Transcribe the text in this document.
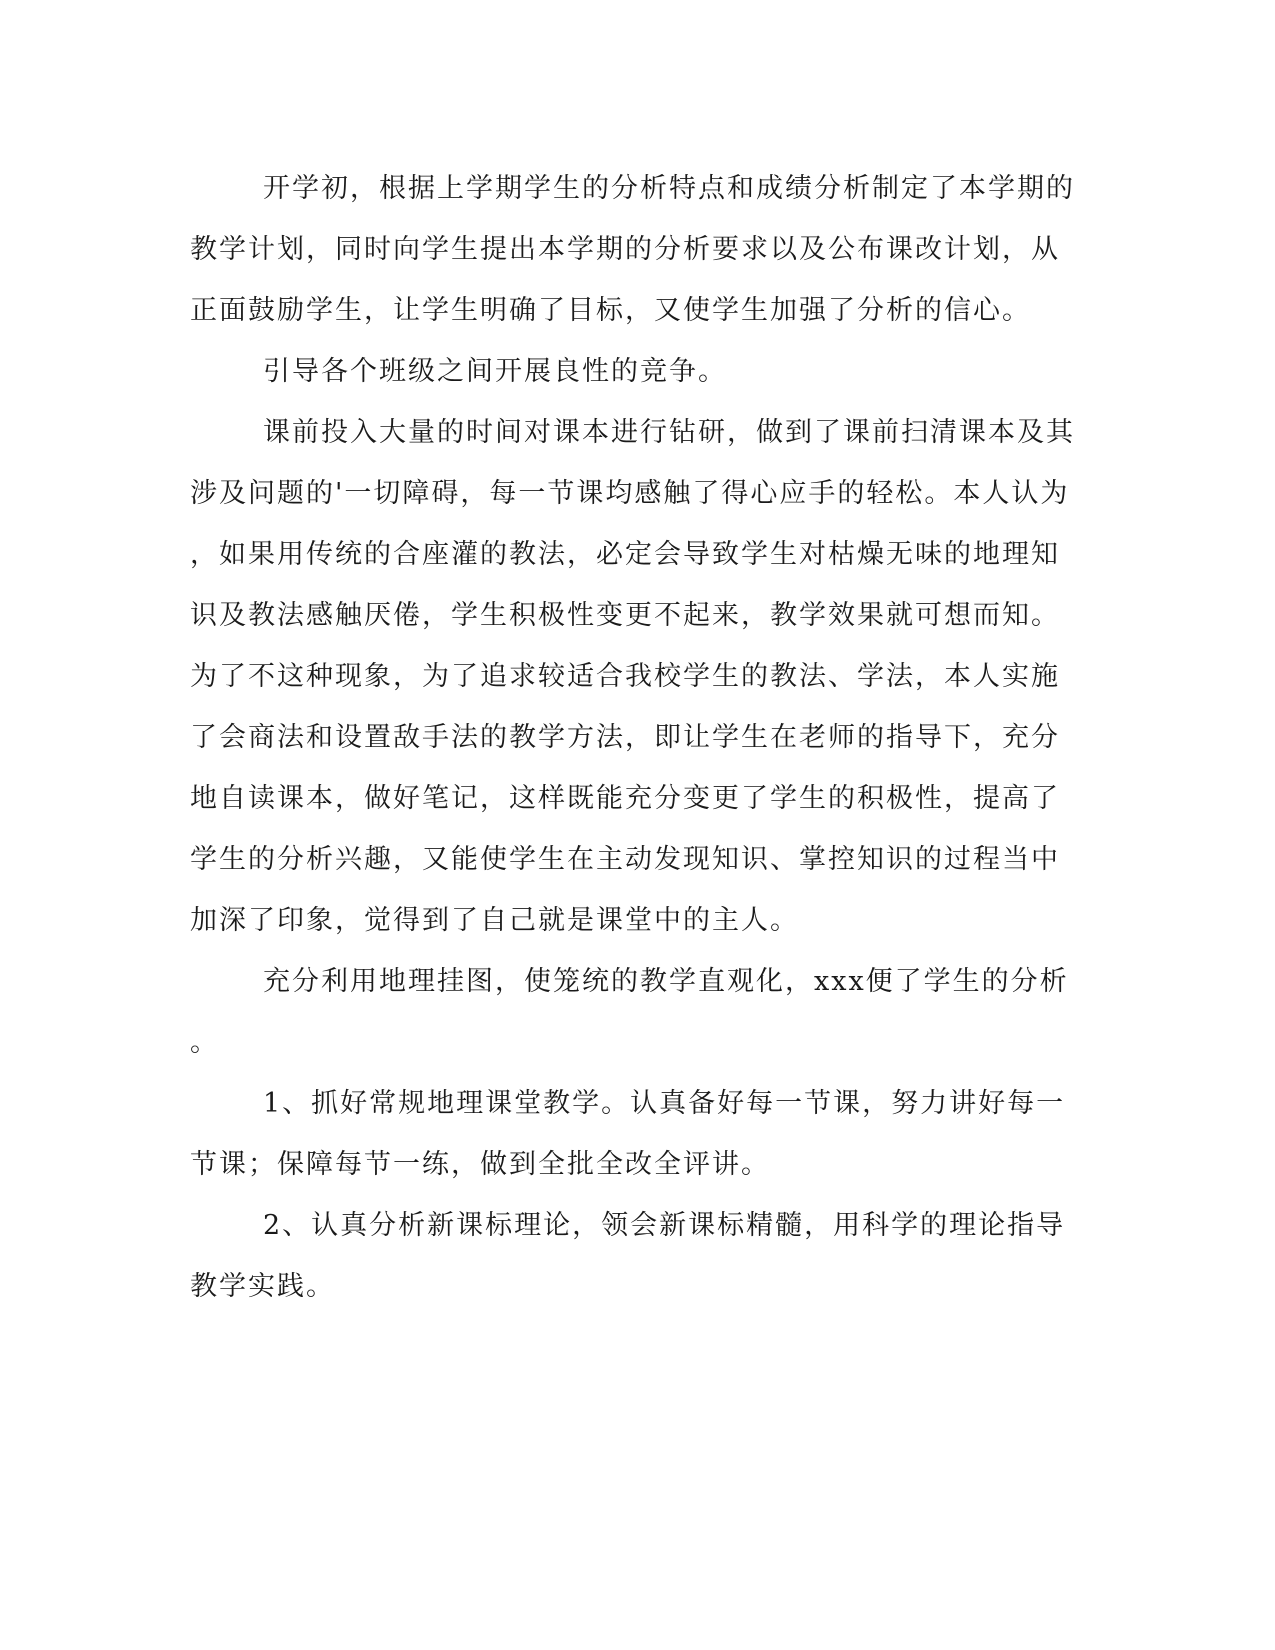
开学初，根据上学期学生的分析特点和成绩分析制定了本学期的
教学计划，同时向学生提出本学期的分析要求以及公布课改计划，从
正面鼓励学生，让学生明确了目标，又使学生加强了分析的信心。
引导各个班级之间开展良性的竞争。
课前投入大量的时间对课本进行钻研，做到了课前扫清课本及其
涉及问题的'一切障碍，每一节课均感触了得心应手的轻松。本人认为
，如果用传统的合座灌的教法，必定会导致学生对枯燥无味的地理知
识及教法感触厌倦，学生积极性变更不起来，教学效果就可想而知。
为了不这种现象，为了追求较适合我校学生的教法、学法，本人实施
了会商法和设置敌手法的教学方法，即让学生在老师的指导下，充分
地自读课本，做好笔记，这样既能充分变更了学生的积极性，提高了
学生的分析兴趣，又能使学生在主动发现知识、掌控知识的过程当中
加深了印象，觉得到了自己就是课堂中的主人。
充分利用地理挂图，使笼统的教学直观化，xxx便了学生的分析
。
1、抓好常规地理课堂教学。认真备好每一节课，努力讲好每一
节课；保障每节一练，做到全批全改全评讲。
2、认真分析新课标理论，领会新课标精髓，用科学的理论指导
教学实践。
